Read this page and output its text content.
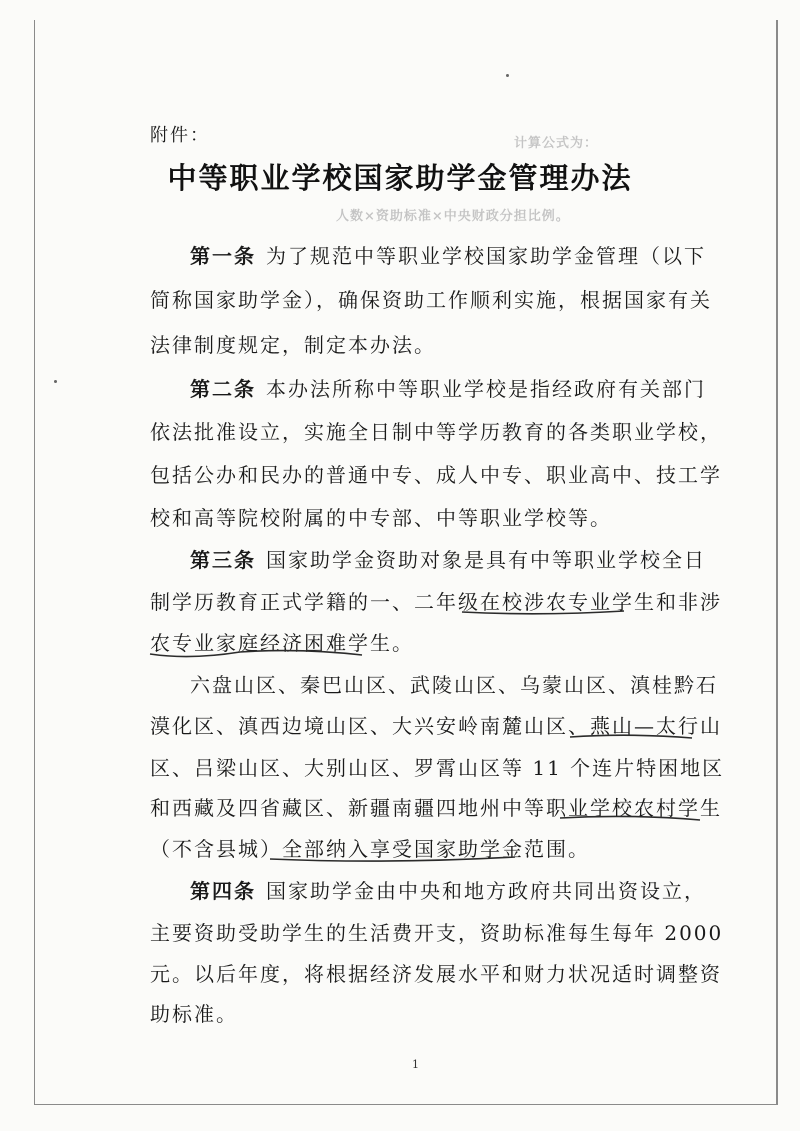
计算公式为：
人数×资助标准×中央财政分担比例。
附件：
中等职业学校国家助学金管理办法
第一条 为了规范中等职业学校国家助学金管理（以下
简称国家助学金），确保资助工作顺利实施，根据国家有关
法律制度规定，制定本办法。
第二条 本办法所称中等职业学校是指经政府有关部门
依法批准设立，实施全日制中等学历教育的各类职业学校，
包括公办和民办的普通中专、成人中专、职业高中、技工学
校和高等院校附属的中专部、中等职业学校等。
第三条 国家助学金资助对象是具有中等职业学校全日
制学历教育正式学籍的一、二年级在校涉农专业学生和非涉
农专业家庭经济困难学生。
六盘山区、秦巴山区、武陵山区、乌蒙山区、滇桂黔石
漠化区、滇西边境山区、大兴安岭南麓山区、燕山—太行山
区、吕梁山区、大别山区、罗霄山区等 11 个连片特困地区
和西藏及四省藏区、新疆南疆四地州中等职业学校农村学生
（不含县城）全部纳入享受国家助学金范围。
第四条 国家助学金由中央和地方政府共同出资设立，
主要资助受助学生的生活费开支，资助标准每生每年 2000
元。以后年度，将根据经济发展水平和财力状况适时调整资
助标准。
1
